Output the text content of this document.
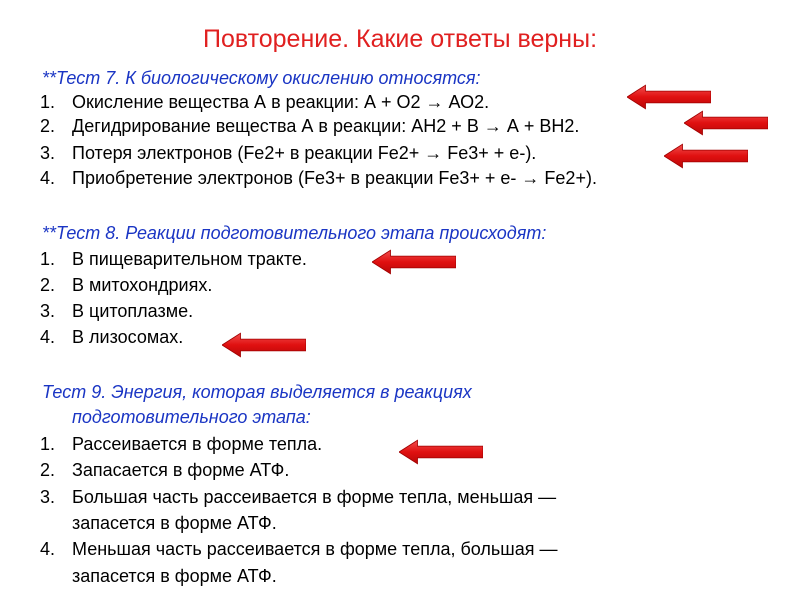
Повторение. Какие ответы верны:
**Тест 7. К биологическому окислению относятся:
1. Окисление вещества А в реакции: А + О2 → АО2.
2. Дегидрирование вещества А в реакции: АН2 + В → А + ВН2.
3. Потеря электронов (Fe2+ в реакции Fe2+ → Fe3+ + e-).
4. Приобретение электронов (Fe3+ в реакции Fe3+ + e- → Fe2+).
**Тест 8. Реакции подготовительного этапа происходят:
1. В пищеварительном тракте.
2. В митохондриях.
3. В цитоплазме.
4. В лизосомах.
Тест 9. Энергия, которая выделяется в реакциях
подготовительного этапа:
1. Рассеивается в форме тепла.
2. Запасается в форме АТФ.
3. Большая часть рассеивается в форме тепла, меньшая —
запасется в форме АТФ.
4. Меньшая часть рассеивается в форме тепла, большая —
запасется в форме АТФ.
